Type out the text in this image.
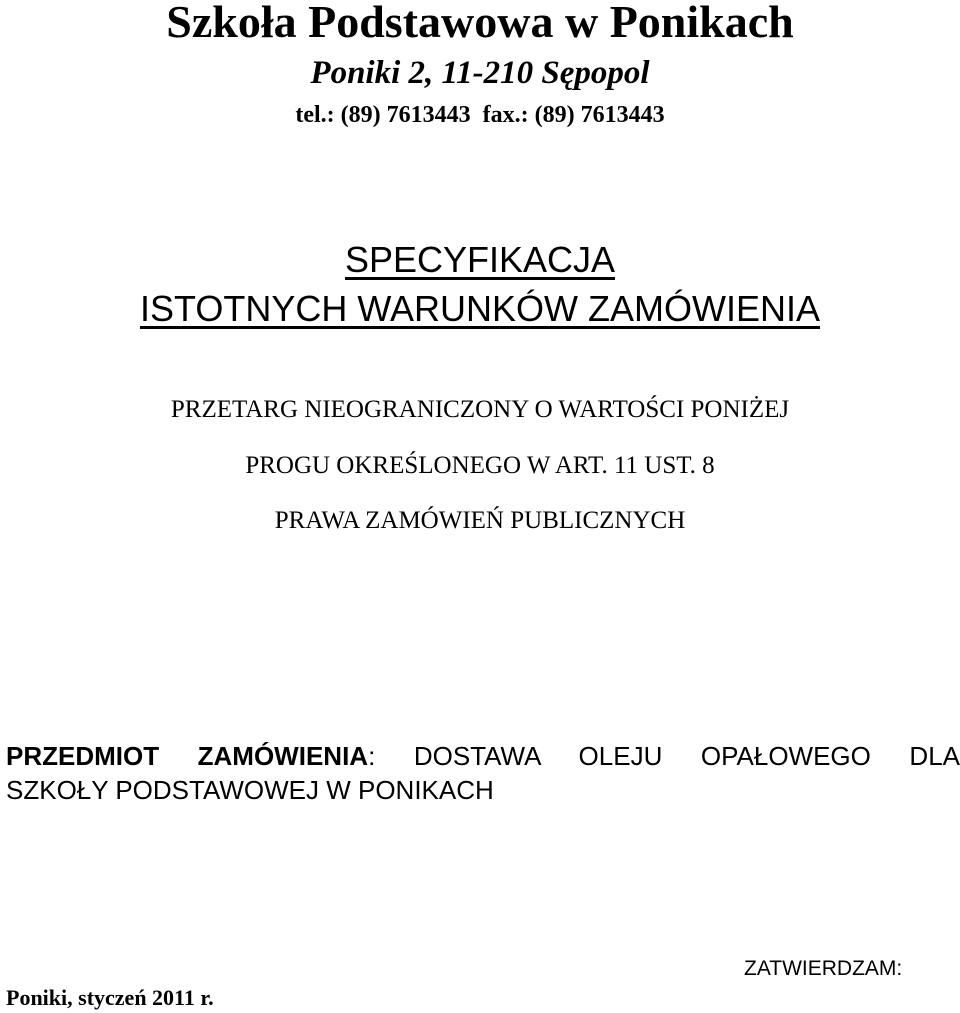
Szkoła Podstawowa w Ponikach
Poniki 2, 11-210 Sępopol
tel.: (89) 7613443  fax.: (89) 7613443
SPECYFIKACJA
ISTOTNYCH WARUNKÓW ZAMÓWIENIA
PRZETARG NIEOGRANICZONY O WARTOŚCI PONIŻEJ
PROGU OKREŚLONEGO W ART. 11 UST. 8
PRAWA ZAMÓWIEŃ PUBLICZNYCH
PRZEDMIOT ZAMÓWIENIA: DOSTAWA OLEJU OPAŁOWEGO DLA
SZKOŁY PODSTAWOWEJ W PONIKACH
ZATWIERDZAM:
Poniki, styczeń 2011 r.
